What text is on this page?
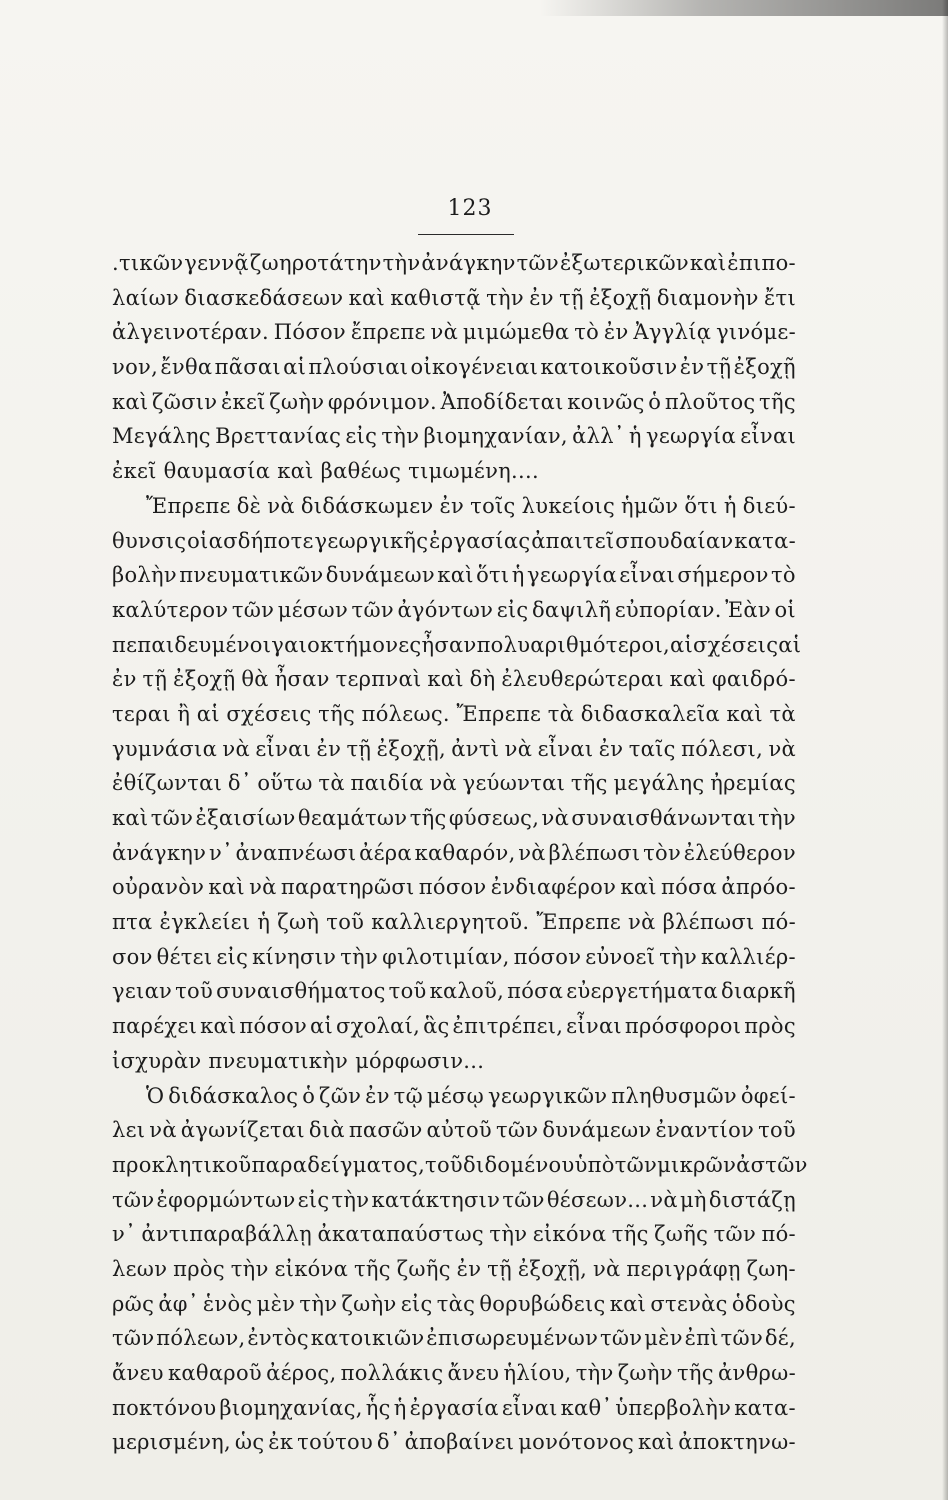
123
.τικῶν γεννᾷ ζωηροτάτην τὴν ἀνάγκην τῶν ἐξωτερικῶν καὶ ἐπιπο-
λαίων διασκεδάσεων καὶ καθιστᾷ τὴν ἐν τῇ ἐξοχῇ διαμονὴν ἔτι
ἀλγεινοτέραν. Πόσον ἔπρεπε νὰ μιμώμεθα τὸ ἐν Ἀγγλίᾳ γινόμε-
νον, ἔνθα πᾶσαι αἱ πλούσιαι οἰκογένειαι κατοικοῦσιν ἐν τῇ ἐξοχῇ
καὶ ζῶσιν ἐκεῖ ζωὴν φρόνιμον. Ἀποδίδεται κοινῶς ὁ πλοῦτος τῆς
Μεγάλης Βρεττανίας εἰς τὴν βιομηχανίαν, ἀλλ᾽ ἡ γεωργία εἶναι
ἐκεῖ θαυμασία καὶ βαθέως τιμωμένη....
Ἔπρεπε δὲ νὰ διδάσκωμεν ἐν τοῖς λυκείοις ἡμῶν ὅτι ἡ διεύ-
θυνσις οἱασδήποτε γεωργικῆς ἐργασίας ἀπαιτεῖ σπουδαίαν κατα-
βολὴν πνευματικῶν δυνάμεων καὶ ὅτι ἡ γεωργία εἶναι σήμερον τὸ
καλύτερον τῶν μέσων τῶν ἀγόντων εἰς δαψιλῆ εὐπορίαν. Ἐὰν οἱ
πεπαιδευμένοι γαιοκτήμονες ἦσαν πολυαριθμότεροι, αἱ σχέσεις αἱ
ἐν τῇ ἐξοχῇ θὰ ἦσαν τερπναὶ καὶ δὴ ἐλευθερώτεραι καὶ φαιδρό-
τεραι ἢ αἱ σχέσεις τῆς πόλεως. Ἔπρεπε τὰ διδασκαλεῖα καὶ τὰ
γυμνάσια νὰ εἶναι ἐν τῇ ἐξοχῇ, ἀντὶ νὰ εἶναι ἐν ταῖς πόλεσι, νὰ
ἐθίζωνται δ᾽ οὕτω τὰ παιδία νὰ γεύωνται τῆς μεγάλης ἠρεμίας
καὶ τῶν ἐξαισίων θεαμάτων τῆς φύσεως, νὰ συναισθάνωνται τὴν
ἀνάγκην ν᾽ ἀναπνέωσι ἀέρα καθαρόν, νὰ βλέπωσι τὸν ἐλεύθερον
οὐρανὸν καὶ νὰ παρατηρῶσι πόσον ἐνδιαφέρον καὶ πόσα ἀπρόο-
πτα ἐγκλείει ἡ ζωὴ τοῦ καλλιεργητοῦ. Ἔπρεπε νὰ βλέπωσι πό-
σον θέτει εἰς κίνησιν τὴν φιλοτιμίαν, πόσον εὐνοεῖ τὴν καλλιέρ-
γειαν τοῦ συναισθήματος τοῦ καλοῦ, πόσα εὐεργετήματα διαρκῆ
παρέχει καὶ πόσον αἱ σχολαί, ἃς ἐπιτρέπει, εἶναι πρόσφοροι πρὸς
ἰσχυρὰν πνευματικὴν μόρφωσιν...
Ὁ διδάσκαλος ὁ ζῶν ἐν τῷ μέσῳ γεωργικῶν πληθυσμῶν ὀφεί-
λει νὰ ἀγωνίζεται διὰ πασῶν αὐτοῦ τῶν δυνάμεων ἐναντίον τοῦ
προκλητικοῦ παραδείγματος, τοῦ διδομένου ὑπὸ τῶν μικρῶν ἀστῶν
τῶν ἐφορμώντων εἰς τὴν κατάκτησιν τῶν θέσεων... νὰ μὴ διστάζῃ
ν᾽ ἀντιπαραβάλλῃ ἀκαταπαύστως τὴν εἰκόνα τῆς ζωῆς τῶν πό-
λεων πρὸς τὴν εἰκόνα τῆς ζωῆς ἐν τῇ ἐξοχῇ, νὰ περιγράφῃ ζωη-
ρῶς ἀφ᾽ ἑνὸς μὲν τὴν ζωὴν εἰς τὰς θορυβώδεις καὶ στενὰς ὁδοὺς
τῶν πόλεων, ἐντὸς κατοικιῶν ἐπισωρευμένων τῶν μὲν ἐπὶ τῶν δέ,
ἄνευ καθαροῦ ἀέρος, πολλάκις ἄνευ ἡλίου, τὴν ζωὴν τῆς ἀνθρω-
ποκτόνου βιομηχανίας, ἧς ἡ ἐργασία εἶναι καθ᾽ ὑπερβολὴν κατα-
μερισμένη, ὡς ἐκ τούτου δ᾽ ἀποβαίνει μονότονος καὶ ἀποκτηνω-
